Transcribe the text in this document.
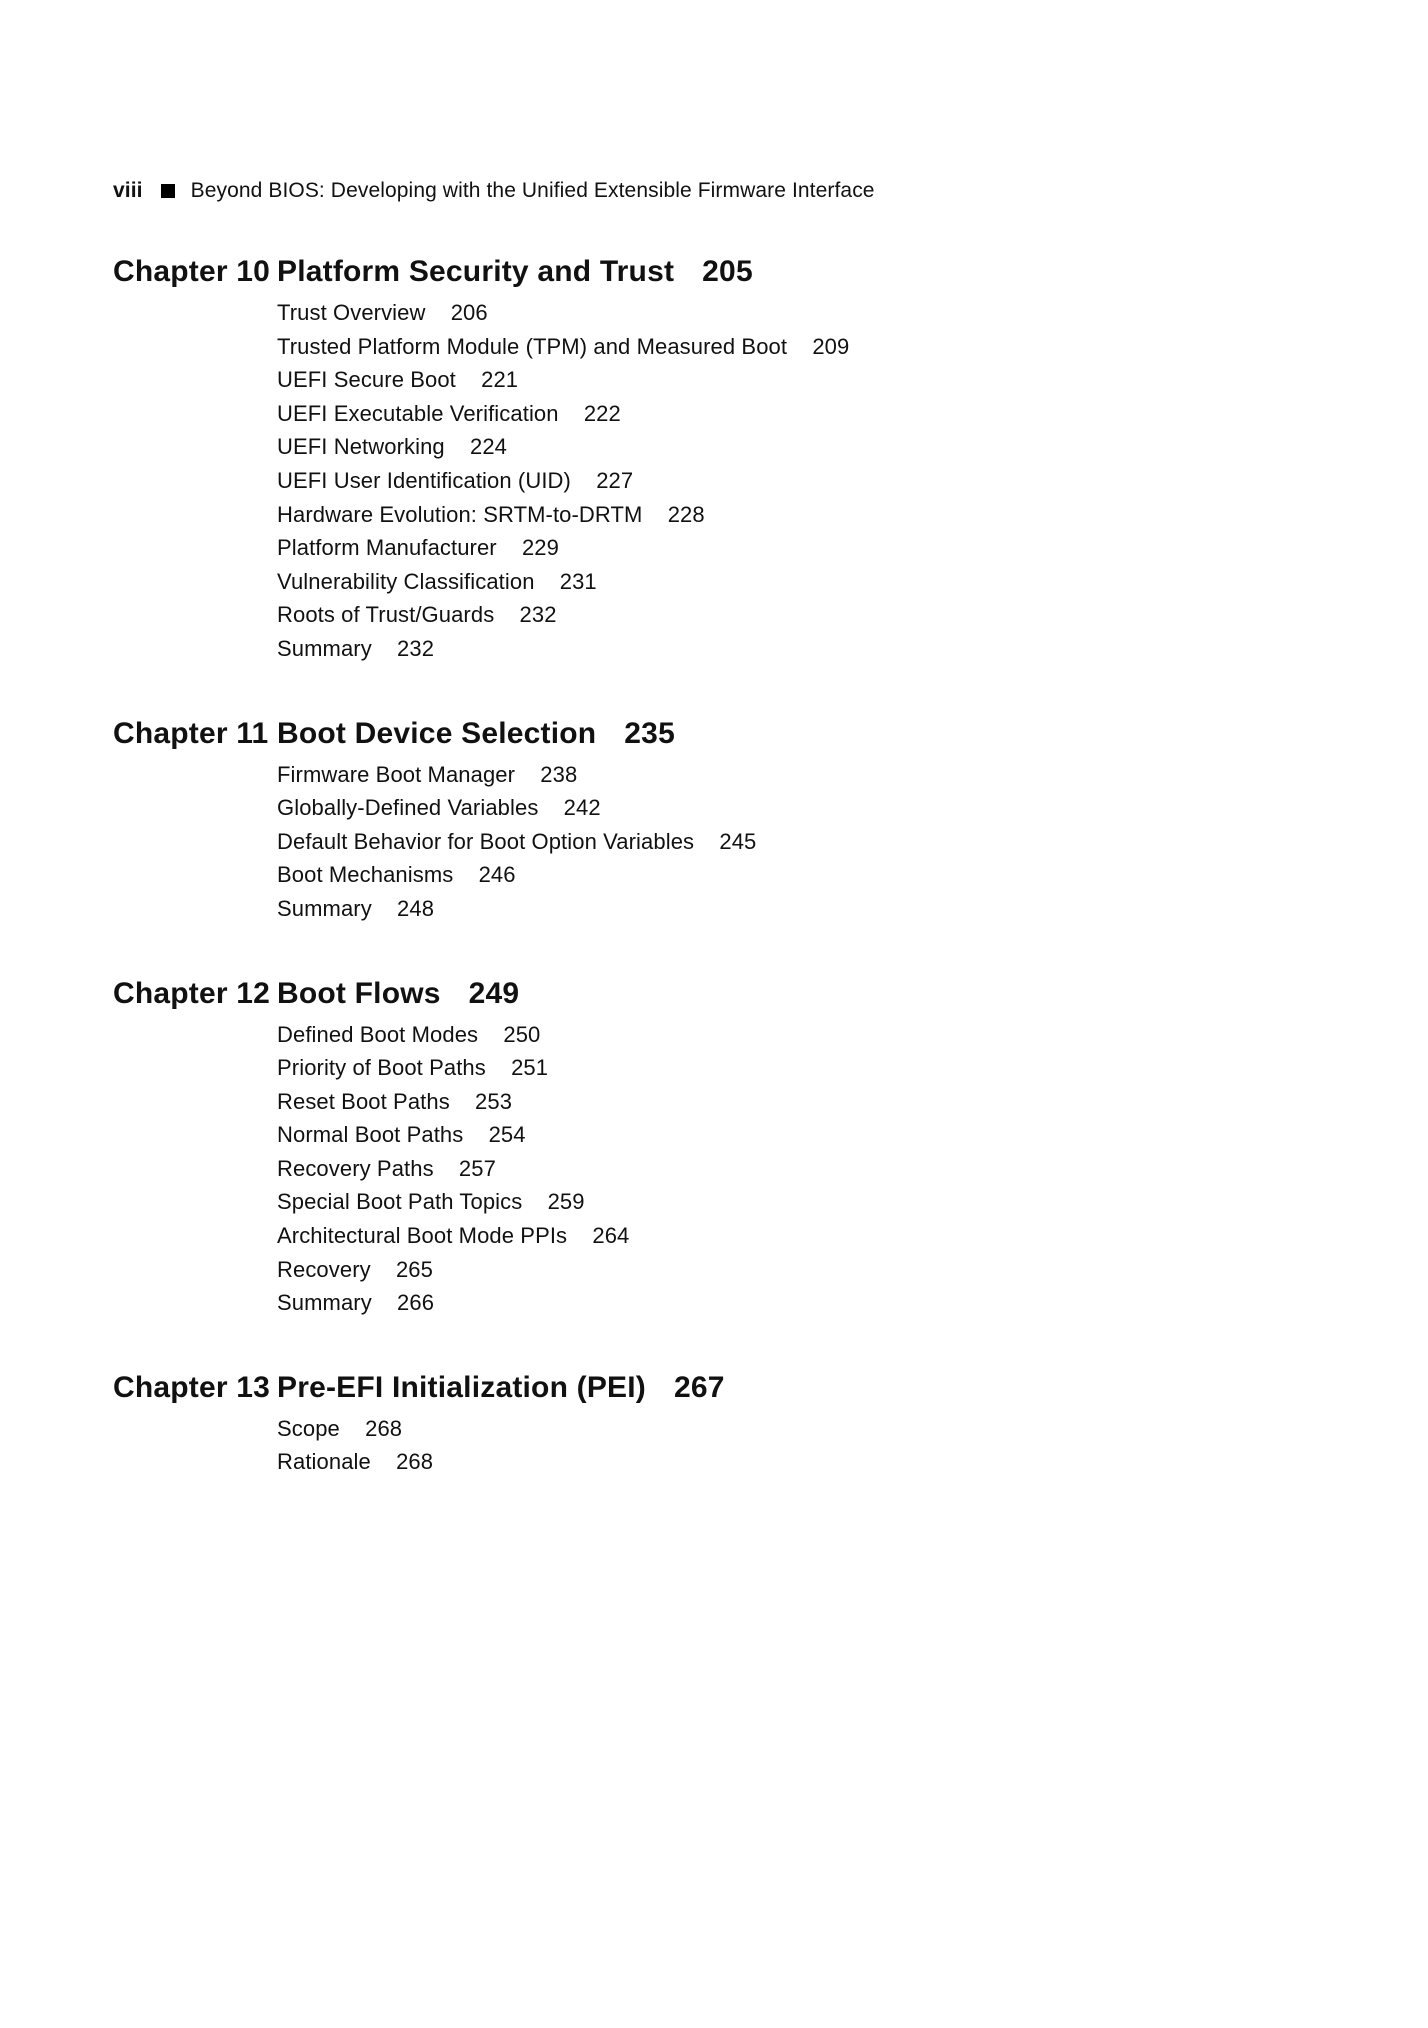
viii Beyond BIOS: Developing with the Unified Extensible Firmware Interface
Chapter 10 Platform Security and Trust 205
Trust Overview 206
Trusted Platform Module (TPM) and Measured Boot 209
UEFI Secure Boot 221
UEFI Executable Verification 222
UEFI Networking 224
UEFI User Identification (UID) 227
Hardware Evolution: SRTM-to-DRTM 228
Platform Manufacturer 229
Vulnerability Classification 231
Roots of Trust/Guards 232
Summary 232
Chapter 11 Boot Device Selection 235
Firmware Boot Manager 238
Globally-Defined Variables 242
Default Behavior for Boot Option Variables 245
Boot Mechanisms 246
Summary 248
Chapter 12 Boot Flows 249
Defined Boot Modes 250
Priority of Boot Paths 251
Reset Boot Paths 253
Normal Boot Paths 254
Recovery Paths 257
Special Boot Path Topics 259
Architectural Boot Mode PPIs 264
Recovery 265
Summary 266
Chapter 13 Pre-EFI Initialization (PEI) 267
Scope 268
Rationale 268
